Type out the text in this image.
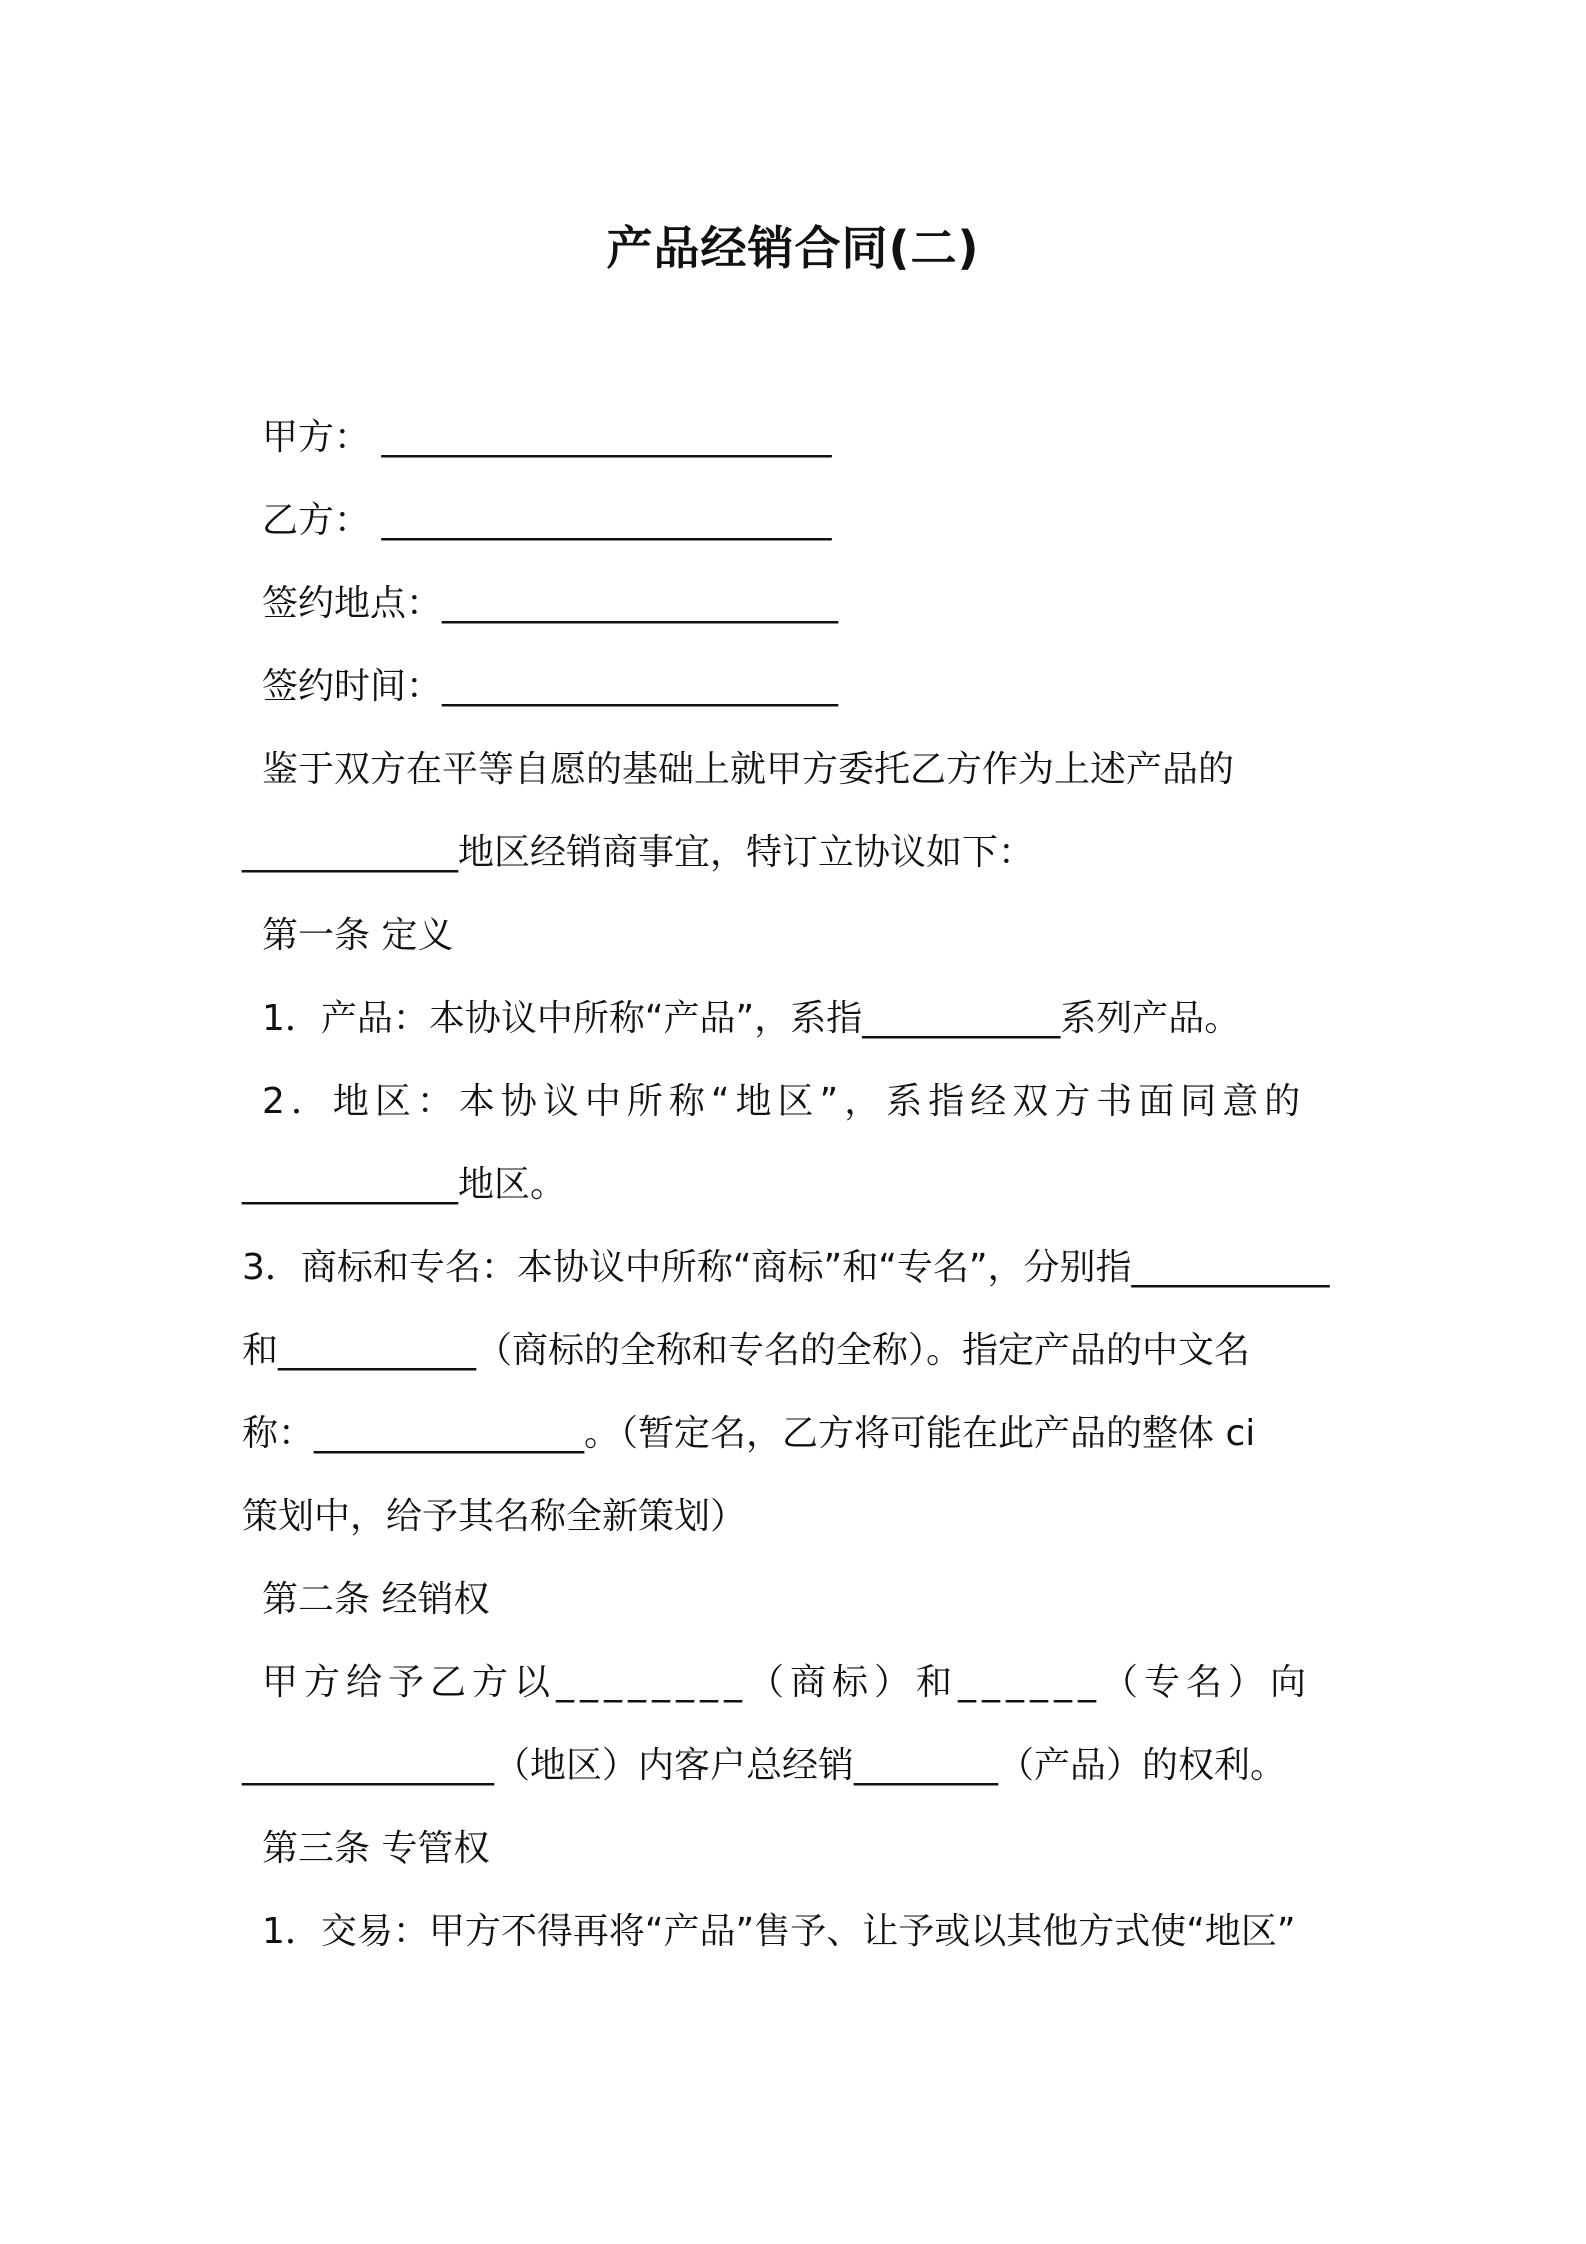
产品经销合同(二)
甲方： _________________________
乙方： _________________________
签约地点：______________________
签约时间：______________________
鉴于双方在平等自愿的基础上就甲方委托乙方作为上述产品的
____________地区经销商事宜，特订立协议如下：
第一条 定义
1．产品：本协议中所称“产品”，系指___________系列产品。
2．地区：本协议中所称“地区”，系指经双方书面同意的
____________地区。
3．商标和专名：本协议中所称“商标”和“专名”，分别指___________
和___________（商标的全称和专名的全称）。指定产品的中文名
称：_______________。（暂定名，乙方将可能在此产品的整体 ci
策划中，给予其名称全新策划）
第二条 经销权
甲方给予乙方以________（商标）和______（专名）向
______________（地区）内客户总经销________（产品）的权利。
第三条 专管权
1．交易：甲方不得再将“产品”售予、让予或以其他方式使“地区”
